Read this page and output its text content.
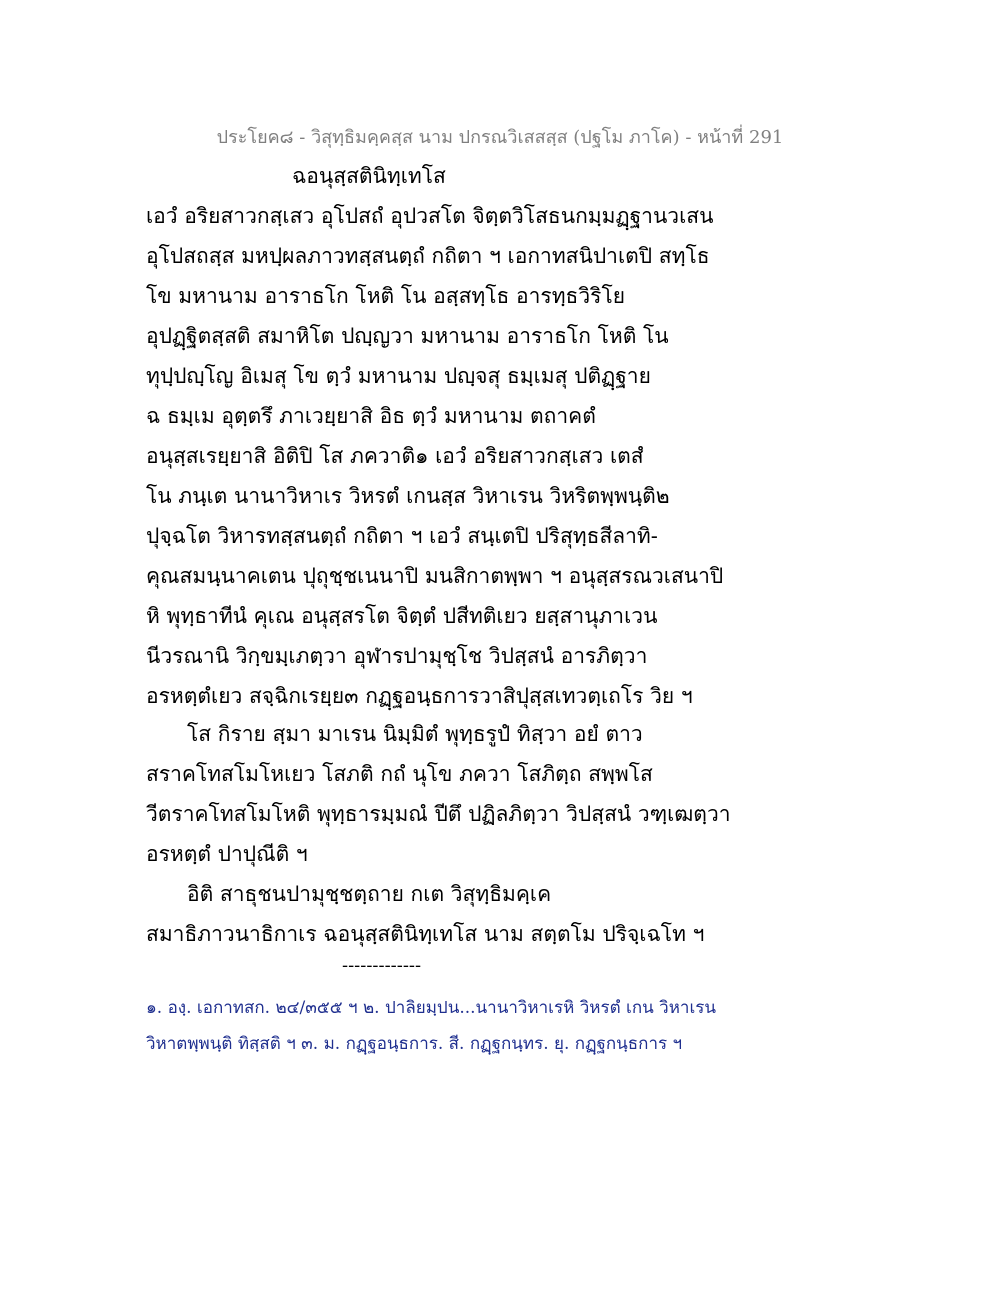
ประโยค๘ - วิสุทฺธิมคฺคสฺส นาม ปกรณวิเสสสฺส (ปฐโม ภาโค) - หน้าที่ 291
ฉอนุสฺสตินิทฺเทโส
เอวํ อริยสาวกสฺเสว อุโปสถํ อุปวสโต จิตฺตวิโสธนกมฺมฏฺฐานวเสน
อุโปสถสฺส มหปฺผลภาวทสฺสนตฺถํ กถิตา ฯ เอกาทสนิปาเตปิ สทฺโธ
โข มหานาม อาราธโก โหติ โน อสฺสทฺโธ อารทฺธวิริโย
อุปฏฺฐิตสฺสติ สมาหิโต ปญฺญวา มหานาม อาราธโก โหติ โน
ทุปฺปญฺโญ อิเมสุ โข ตฺวํ มหานาม ปญฺจสุ ธมฺเมสุ ปติฏฺฐาย
ฉ ธมฺเม อุตฺตรึ ภาเวยฺยาสิ อิธ ตฺวํ มหานาม ตถาคตํ
อนุสฺสเรยฺยาสิ อิติปิ โส ภควาติ๑ เอวํ อริยสาวกสฺเสว เตสํ
โน ภนฺเต นานาวิหาเร วิหรตํ เกนสฺส วิหาเรน วิหริตพฺพนฺติ๒
ปุจฺฉโต วิหารทสฺสนตฺถํ กถิตา ฯ เอวํ สนฺเตปิ ปริสุทฺธสีลาทิ-
คุณสมนฺนาคเตน ปุถุชฺชเนนาปิ มนสิกาตพฺพา ฯ อนุสฺสรณวเสนาปิ
หิ พุทฺธาทีนํ คุเณ อนุสฺสรโต จิตฺตํ ปสีทติเยว ยสฺสานุภาเวน
นีวรณานิ วิกฺขมฺเภตฺวา อุฬารปามุชฺโช วิปสฺสนํ อารภิตฺวา
อรหตฺตํเยว สจฺฉิกเรยฺย๓ กฏฺฐอนฺธการวาสิปุสฺสเทวตฺเถโร วิย ฯ
โส กิราย สฺมา มาเรน นิมฺมิตํ พุทฺธรูปํ ทิสฺวา อยํ ตาว
สราคโทสโมโหเยว โสภติ กถํ นุโข ภควา โสภิตฺถ สพฺพโส
วีตราคโทสโมโหติ พุทฺธารมฺมณํ ปีตึ ปฏิลภิตฺวา วิปสฺสนํ วฑฺเฒตฺวา
อรหตฺตํ ปาปุณีติ ฯ
อิติ สาธุชนปามุชฺชตฺถาย กเต วิสุทฺธิมคฺเค
สมาธิภาวนาธิกาเร ฉอนุสฺสตินิทฺเทโส นาม สตฺตโม ปริจฺเฉโท ฯ
-------------
๑. องฺ. เอกาทสก. ๒๔/๓๕๕ ฯ ๒. ปาลิยมฺปน...นานาวิหาเรหิ วิหรตํ เกน วิหาเรน
วิหาตพฺพนฺติ ทิสฺสติ ฯ ๓. ม. กฏฺฐอนฺธการ. สี. กฏฺฐกนฺทร. ยุ. กฏฺฐกนฺธการ ฯ
